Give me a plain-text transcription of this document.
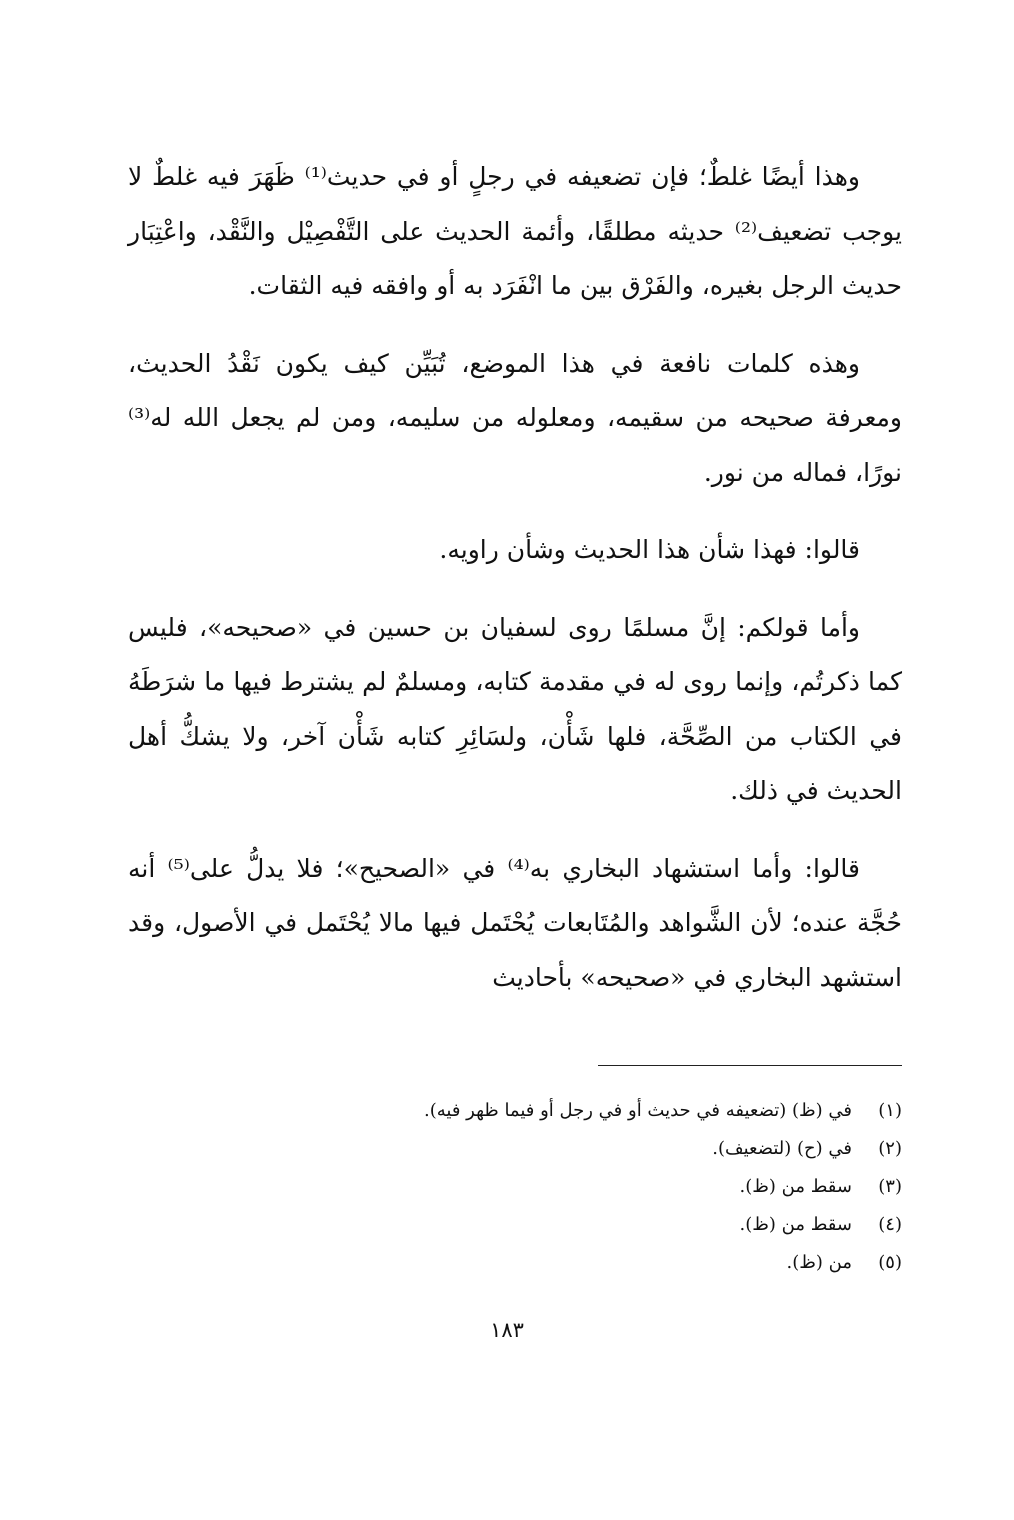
وهذا أيضًا غلطٌ؛ فإن تضعيفه في رجلٍ أو في حديث⁽¹⁾ ظَهَرَ فيه غلطٌ لا يوجب تضعيف⁽²⁾ حديثه مطلقًا، وأئمة الحديث على التَّفْصِيْل والنَّقْد، واعْتِبَار حديث الرجل بغيره، والفَرْق بين ما انْفَرَد به أو وافقه فيه الثقات.

وهذه كلمات نافعة في هذا الموضع، تُبَيِّن كيف يكون نَقْدُ الحديث، ومعرفة صحيحه من سقيمه، ومعلوله من سليمه، ومن لم يجعل الله له⁽³⁾ نورًا، فماله من نور.

قالوا: فهذا شأن هذا الحديث وشأن راويه.

وأما قولكم: إنَّ مسلمًا روى لسفيان بن حسين في «صحيحه»، فليس كما ذكرتُم، وإنما روى له في مقدمة كتابه، ومسلمٌ لم يشترط فيها ما شرَطَهُ في الكتاب من الصِّحَّة، فلها شَأْن، ولسَائِرِ كتابه شَأْن آخر، ولا يشكُّ أهل الحديث في ذلك.

قالوا: وأما استشهاد البخاري به⁽⁴⁾ في «الصحيح»؛ فلا يدلُّ على⁽⁵⁾ أنه حُجَّة عنده؛ لأن الشَّواهد والمُتَابعات يُحْتَمل فيها مالا يُحْتَمل في الأصول، وقد استشهد البخاري في «صحيحه» بأحاديث

(١)في (ظ) (تضعيفه في حديث أو في رجل أو فيما ظهر فيه).
(٢)في (ح) (لتضعيف).
(٣)سقط من (ظ).
(٤)سقط من (ظ).
(٥)من (ظ).
١٨٣
